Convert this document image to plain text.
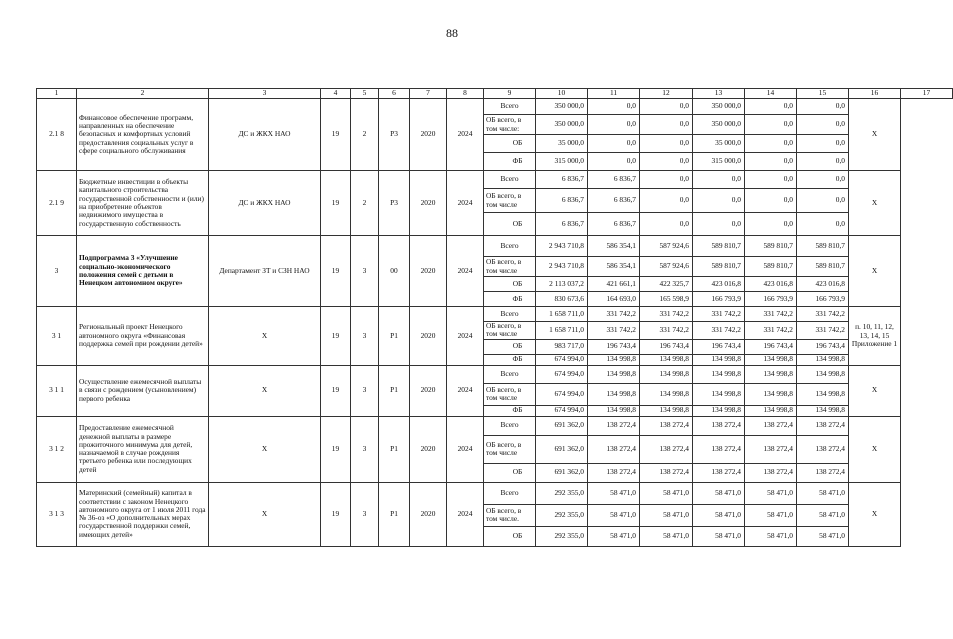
88
1	2	3	4	5	6	7	8	9	10	11	12	13	14	15	16	17
2.1 8	Финансовое обеспечение программ, направленных на обеспечение безопасных и комфортных условий предоставления социальных услуг в сфере социального обслуживания	ДС и ЖКХ НАО	19	2	Р3	2020	2024	Всего	350 000,0	0,0	0,0	350 000,0	0,0	0,0	Х	
								ОБ всего, в том числе:	350 000,0	0,0	0,0	350 000,0	0,0	0,0		
								ОБ	35 000,0	0,0	0,0	35 000,0	0,0	0,0		
								ФБ	315 000,0	0,0	0,0	315 000,0	0,0	0,0		
2.1 9	Бюджетные инвестиции в объекты капитального строительства государственной собственности и (или) на приобретение объектов недвижимого имущества в государственную собственность	ДС и ЖКХ НАО	19	2	Р3	2020	2024	Всего	6 836,7	6 836,7	0,0	0,0	0,0	0,0	Х	
								ОБ всего, в том числе	6 836,7	6 836,7	0,0	0,0	0,0	0,0		
								ОБ	6 836,7	6 836,7	0,0	0,0	0,0	0,0		
3	Подпрограмма 3 «Улучшение социально-экономического положения семей с детьми в Ненецком автономном округе»	Департамент ЗТ и СЗН НАО	19	3	00	2020	2024	Всего	2 943 710,8	586 354,1	587 924,6	589 810,7	589 810,7	589 810,7	Х	
								ОБ всего, в том числе	2 943 710,8	586 354,1	587 924,6	589 810,7	589 810,7	589 810,7		
								ОБ	2 113 037,2	421 661,1	422 325,7	423 016,8	423 016,8	423 016,8		
								ФБ	830 673,6	164 693,0	165 598,9	166 793,9	166 793,9	166 793,9		
3 1	Региональный проект Ненецкого автономного округа «Финансовая поддержка семей при рождении детей»	Х	19	3	Р1	2020	2024	Всего	1 658 711,0	331 742,2	331 742,2	331 742,2	331 742,2	331 742,2	п. 10, 11, 12, 13, 14, 15 Приложение 1	
								ОБ всего, в том числе	1 658 711,0	331 742,2	331 742,2	331 742,2	331 742,2	331 742,2		
								ОБ	983 717,0	196 743,4	196 743,4	196 743,4	196 743,4	196 743,4		
								ФБ	674 994,0	134 998,8	134 998,8	134 998,8	134 998,8	134 998,8		
3 1 1	Осуществление ежемесячной выплаты в связи с рождением (усыновлением) первого ребенка	Х	19	3	Р1	2020	2024	Всего	674 994,0	134 998,8	134 998,8	134 998,8	134 998,8	134 998,8	Х	
								ОБ всего, в том числе	674 994,0	134 998,8	134 998,8	134 998,8	134 998,8	134 998,8		
								ФБ	674 994,0	134 998,8	134 998,8	134 998,8	134 998,8	134 998,8		
3 1 2	Предоставление ежемесячной денежной выплаты в размере прожиточного минимума для детей, назначаемой в случае рождения третьего ребенка или последующих детей	Х	19	3	Р1	2020	2024	Всего	691 362,0	138 272,4	138 272,4	138 272,4	138 272,4	138 272,4	Х	
								ОБ всего, в том числе	691 362,0	138 272,4	138 272,4	138 272,4	138 272,4	138 272,4		
								ОБ	691 362,0	138 272,4	138 272,4	138 272,4	138 272,4	138 272,4		
3 1 3	Материнский (семейный) капитал в соответствии с законом Ненецкого автономного округа от 1 июля 2011 года № 36-оз «О дополнительных мерах государственной поддержки семей, имеющих детей»	Х	19	3	Р1	2020	2024	Всего	292 355,0	58 471,0	58 471,0	58 471,0	58 471,0	58 471,0	Х	
								ОБ всего, в том числе.	292 355,0	58 471,0	58 471,0	58 471,0	58 471,0	58 471,0		
								ОБ	292 355,0	58 471,0	58 471,0	58 471,0	58 471,0	58 471,0		
